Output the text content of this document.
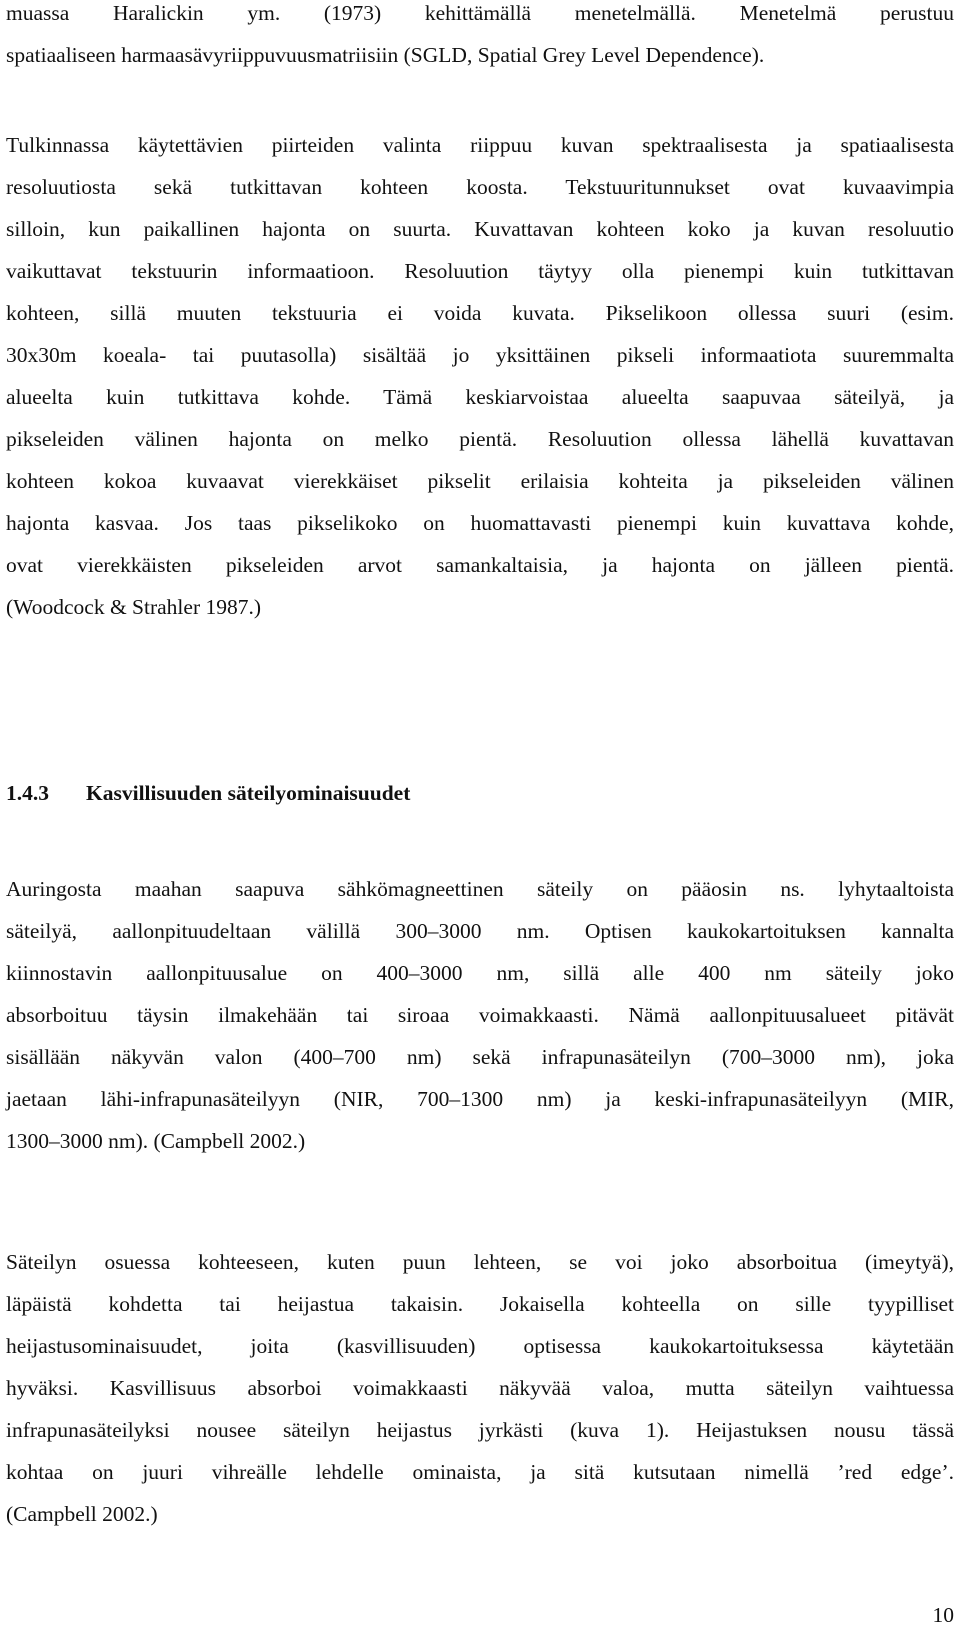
muassa Haralickin ym. (1973) kehittämällä menetelmällä. Menetelmä perustuu
spatiaaliseen harmaasävyriippuvuusmatriisiin (SGLD, Spatial Grey Level Dependence).
Tulkinnassa käytettävien piirteiden valinta riippuu kuvan spektraalisesta ja spatiaalisesta
resoluutiosta sekä tutkittavan kohteen koosta. Tekstuuritunnukset ovat kuvaavimpia
silloin, kun paikallinen hajonta on suurta. Kuvattavan kohteen koko ja kuvan resoluutio
vaikuttavat tekstuurin informaatioon. Resoluution täytyy olla pienempi kuin tutkittavan
kohteen, sillä muuten tekstuuria ei voida kuvata. Pikselikoon ollessa suuri (esim.
30x30m koeala- tai puutasolla) sisältää jo yksittäinen pikseli informaatiota suuremmalta
alueelta kuin tutkittava kohde. Tämä keskiarvoistaa alueelta saapuvaa säteilyä, ja
pikseleiden välinen hajonta on melko pientä. Resoluution ollessa lähellä kuvattavan
kohteen kokoa kuvaavat vierekkäiset pikselit erilaisia kohteita ja pikseleiden välinen
hajonta kasvaa. Jos taas pikselikoko on huomattavasti pienempi kuin kuvattava kohde,
ovat vierekkäisten pikseleiden arvot samankaltaisia, ja hajonta on jälleen pientä.
(Woodcock & Strahler 1987.)
1.4.3 Kasvillisuuden säteilyominaisuudet
Auringosta maahan saapuva sähkömagneettinen säteily on pääosin ns. lyhytaaltoista
säteilyä, aallonpituudeltaan välillä 300–3000 nm. Optisen kaukokartoituksen kannalta
kiinnostavin aallonpituusalue on 400–3000 nm, sillä alle 400 nm säteily joko
absorboituu täysin ilmakehään tai siroaa voimakkaasti. Nämä aallonpituusalueet pitävät
sisällään näkyvän valon (400–700 nm) sekä infrapunasäteilyn (700–3000 nm), joka
jaetaan lähi-infrapunasäteilyyn (NIR, 700–1300 nm) ja keski-infrapunasäteilyyn (MIR,
1300–3000 nm). (Campbell 2002.)
Säteilyn osuessa kohteeseen, kuten puun lehteen, se voi joko absorboitua (imeytyä),
läpäistä kohdetta tai heijastua takaisin. Jokaisella kohteella on sille tyypilliset
heijastusominaisuudet, joita (kasvillisuuden) optisessa kaukokartoituksessa käytetään
hyväksi. Kasvillisuus absorboi voimakkaasti näkyvää valoa, mutta säteilyn vaihtuessa
infrapunasäteilyksi nousee säteilyn heijastus jyrkästi (kuva 1). Heijastuksen nousu tässä
kohtaa on juuri vihreälle lehdelle ominaista, ja sitä kutsutaan nimellä ’red edge’.
(Campbell 2002.)
10
